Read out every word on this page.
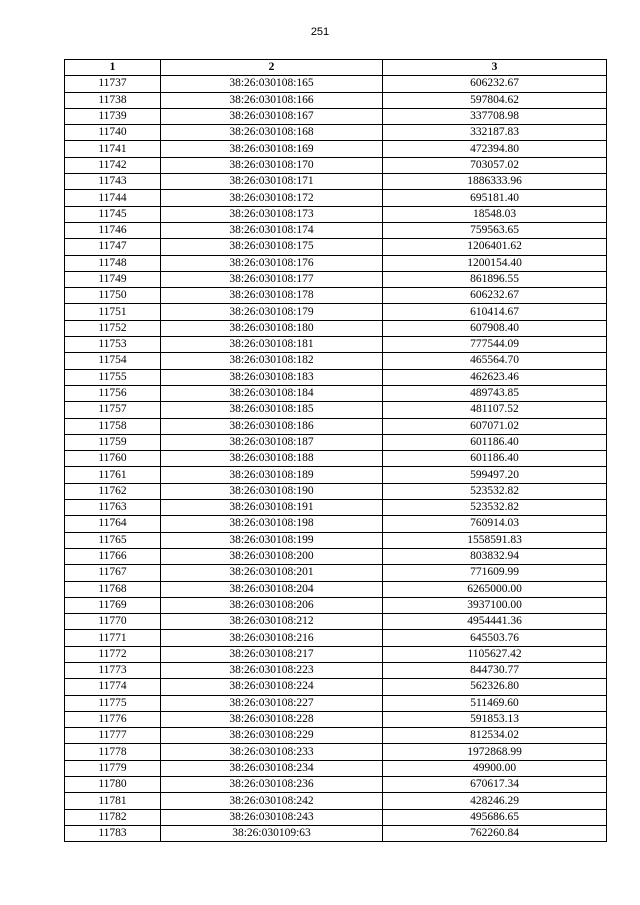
251
1	2	3
11737	38:26:030108:165	606232.67
11738	38:26:030108:166	597804.62
11739	38:26:030108:167	337708.98
11740	38:26:030108:168	332187.83
11741	38:26:030108:169	472394.80
11742	38:26:030108:170	703057.02
11743	38:26:030108:171	1886333.96
11744	38:26:030108:172	695181.40
11745	38:26:030108:173	18548.03
11746	38:26:030108:174	759563.65
11747	38:26:030108:175	1206401.62
11748	38:26:030108:176	1200154.40
11749	38:26:030108:177	861896.55
11750	38:26:030108:178	606232.67
11751	38:26:030108:179	610414.67
11752	38:26:030108:180	607908.40
11753	38:26:030108:181	777544.09
11754	38:26:030108:182	465564.70
11755	38:26:030108:183	462623.46
11756	38:26:030108:184	489743.85
11757	38:26:030108:185	481107.52
11758	38:26:030108:186	607071.02
11759	38:26:030108:187	601186.40
11760	38:26:030108:188	601186.40
11761	38:26:030108:189	599497.20
11762	38:26:030108:190	523532.82
11763	38:26:030108:191	523532.82
11764	38:26:030108:198	760914.03
11765	38:26:030108:199	1558591.83
11766	38:26:030108:200	803832.94
11767	38:26:030108:201	771609.99
11768	38:26:030108:204	6265000.00
11769	38:26:030108:206	3937100.00
11770	38:26:030108:212	4954441.36
11771	38:26:030108:216	645503.76
11772	38:26:030108:217	1105627.42
11773	38:26:030108:223	844730.77
11774	38:26:030108:224	562326.80
11775	38:26:030108:227	511469.60
11776	38:26:030108:228	591853.13
11777	38:26:030108:229	812534.02
11778	38:26:030108:233	1972868.99
11779	38:26:030108:234	49900.00
11780	38:26:030108:236	670617.34
11781	38:26:030108:242	428246.29
11782	38:26:030108:243	495686.65
11783	38:26:030109:63	762260.84
